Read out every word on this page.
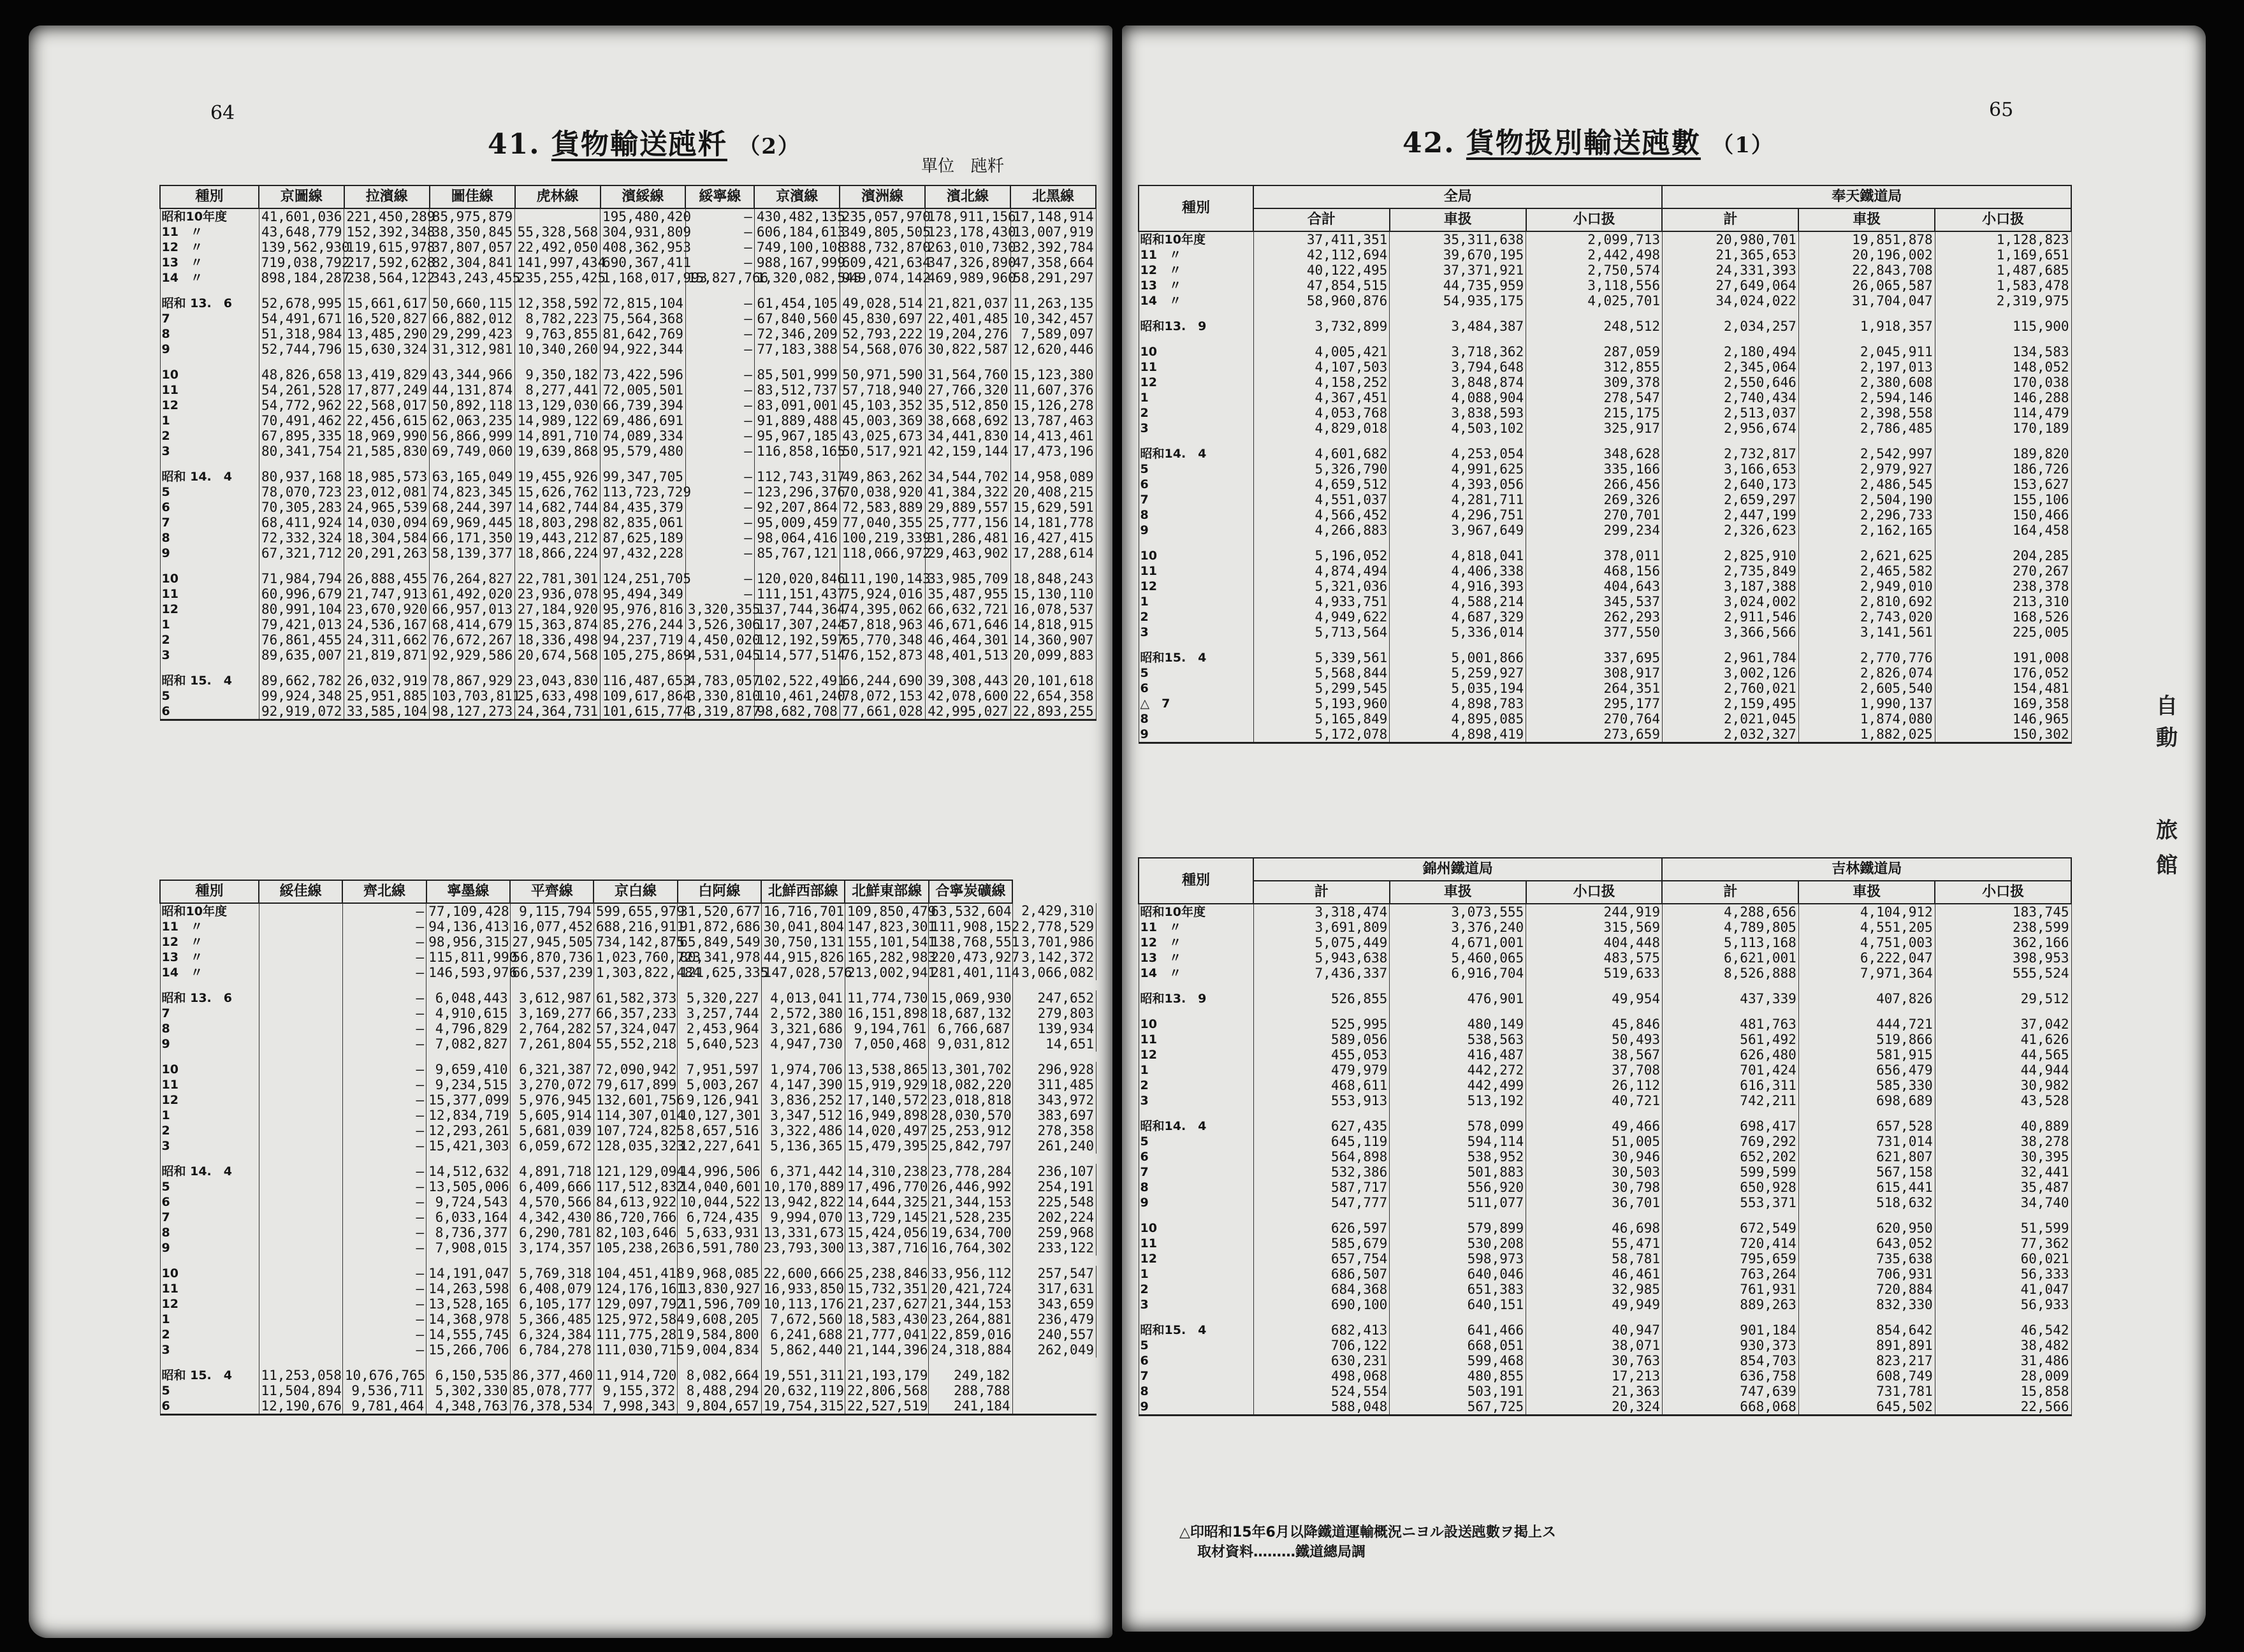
64
41. 貨物輸送瓲粁 （2）
單位　瓲粁
種別	京圖線	拉濱線	圖佳線	虎林線	濱綏線	綏寧線	京濱線	濱洲線	濱北線	北黑線
昭和10年度	41,601,036	221,450,289	85,975,879		195,480,420	—	430,482,135	235,057,970	178,911,156	17,148,914
11　〃	43,648,779	152,392,348	38,350,845	55,328,568	304,931,809	—	606,184,613	349,805,505	123,178,430	13,007,919
12　〃	139,562,930	119,615,978	37,807,057	22,492,050	408,362,953	—	749,100,108	388,732,870	263,010,730	32,392,784
13　〃	719,038,792	217,592,628	82,304,841	141,997,434	690,367,411	—	988,167,999	609,421,634	347,326,890	47,358,664
14　〃	898,184,287	238,564,122	343,243,455	235,255,425	1,168,017,993	15,827,766	1,320,082,545	949,074,142	469,989,960	58,291,297

昭和 13.　6	52,678,995	15,661,617	50,660,115	12,358,592	72,815,104	—	61,454,105	49,028,514	21,821,037	11,263,135
7	54,491,671	16,520,827	66,882,012	8,782,223	75,564,368	—	67,840,560	45,830,697	22,401,485	10,342,457
8	51,318,984	13,485,290	29,299,423	9,763,855	81,642,769	—	72,346,209	52,793,222	19,204,276	7,589,097
9	52,744,796	15,630,324	31,312,981	10,340,260	94,922,344	—	77,183,388	54,568,076	30,822,587	12,620,446

10	48,826,658	13,419,829	43,344,966	9,350,182	73,422,596	—	85,501,999	50,971,590	31,564,760	15,123,380
11	54,261,528	17,877,249	44,131,874	8,277,441	72,005,501	—	83,512,737	57,718,940	27,766,320	11,607,376
12	54,772,962	22,568,017	50,892,118	13,129,030	66,739,394	—	83,091,001	45,103,352	35,512,850	15,126,278
1	70,491,462	22,456,615	62,063,235	14,989,122	69,486,691	—	91,889,488	45,003,369	38,668,692	13,787,463
2	67,895,335	18,969,990	56,866,999	14,891,710	74,089,334	—	95,967,185	43,025,673	34,441,830	14,413,461
3	80,341,754	21,585,830	69,749,060	19,639,868	95,579,480	—	116,858,165	50,517,921	42,159,144	17,473,196

昭和 14.　4	80,937,168	18,985,573	63,165,049	19,455,926	99,347,705	—	112,743,317	49,863,262	34,544,702	14,958,089
5	78,070,723	23,012,081	74,823,345	15,626,762	113,723,729	—	123,296,376	70,038,920	41,384,322	20,408,215
6	70,305,283	24,965,539	68,244,397	14,682,744	84,435,379	—	92,207,864	72,583,889	29,889,557	15,629,591
7	68,411,924	14,030,094	69,969,445	18,803,298	82,835,061	—	95,009,459	77,040,355	25,777,156	14,181,778
8	72,332,324	18,304,584	66,171,350	19,443,212	87,625,189	—	98,064,416	100,219,339	31,286,481	16,427,415
9	67,321,712	20,291,263	58,139,377	18,866,224	97,432,228	—	85,767,121	118,066,972	29,463,902	17,288,614

10	71,984,794	26,888,455	76,264,827	22,781,301	124,251,705	—	120,020,846	111,190,143	33,985,709	18,848,243
11	60,996,679	21,747,913	61,492,020	23,936,078	95,494,349	—	111,151,437	75,924,016	35,487,955	15,130,110
12	80,991,104	23,670,920	66,957,013	27,184,920	95,976,816	3,320,355	137,744,364	74,395,062	66,632,721	16,078,537
1	79,421,013	24,536,167	68,414,679	15,363,874	85,276,244	3,526,306	117,307,244	57,818,963	46,671,646	14,818,915
2	76,861,455	24,311,662	76,672,267	18,336,498	94,237,719	4,450,020	112,192,597	65,770,348	46,464,301	14,360,907
3	89,635,007	21,819,871	92,929,586	20,674,568	105,275,869	4,531,045	114,577,514	76,152,873	48,401,513	20,099,883

昭和 15.　4	89,662,782	26,032,919	78,867,929	23,043,830	116,487,653	4,783,057	102,522,491	66,244,690	39,308,443	20,101,618
5	99,924,348	25,951,885	103,703,811	25,633,498	109,617,864	3,330,810	110,461,240	78,072,153	42,078,600	22,654,358
6	92,919,072	33,585,104	98,127,273	24,364,731	101,615,774	3,319,877	98,682,708	77,661,028	42,995,027	22,893,255
種別	綏佳線	齊北線	寧墨線	平齊線	京白線	白阿線	北鮮西部線	北鮮東部線	合寧炭礦線	
昭和10年度		—	77,109,428	9,115,794	599,655,979	31,520,677	16,716,701	109,850,479	63,532,604	2,429,310
11　〃		—	94,136,413	16,077,452	688,216,911	91,872,686	30,041,804	147,823,301	111,908,152	2,778,529
12　〃		—	98,956,315	27,945,505	734,142,875	65,849,549	30,750,131	155,101,541	138,768,551	3,701,986
13　〃		—	115,811,990	56,870,736	1,023,760,723	80,341,978	44,915,826	165,282,983	220,473,927	3,142,372
14　〃		—	146,593,976	66,537,239	1,303,822,484	121,625,335	147,028,576	213,002,941	281,401,114	3,066,082

昭和 13.　6		—	6,048,443	3,612,987	61,582,373	5,320,227	4,013,041	11,774,730	15,069,930	247,652
7		—	4,910,615	3,169,277	66,357,233	3,257,744	2,572,380	16,151,898	18,687,132	279,803
8		—	4,796,829	2,764,282	57,324,047	2,453,964	3,321,686	9,194,761	6,766,687	139,934
9		—	7,082,827	7,261,804	55,552,218	5,640,523	4,947,730	7,050,468	9,031,812	14,651

10		—	9,659,410	6,321,387	72,090,942	7,951,597	1,974,706	13,538,865	13,301,702	296,928
11		—	9,234,515	3,270,072	79,617,899	5,003,267	4,147,390	15,919,929	18,082,220	311,485
12		—	15,377,099	5,976,945	132,601,756	9,126,941	3,836,252	17,140,572	23,018,818	343,972
1		—	12,834,719	5,605,914	114,307,014	10,127,301	3,347,512	16,949,898	28,030,570	383,697
2		—	12,293,261	5,681,039	107,724,825	8,657,516	3,322,486	14,020,497	25,253,912	278,358
3		—	15,421,303	6,059,672	128,035,323	12,227,641	5,136,365	15,479,395	25,842,797	261,240

昭和 14.　4		—	14,512,632	4,891,718	121,129,094	14,996,506	6,371,442	14,310,238	23,778,284	236,107
5		—	13,505,006	6,409,666	117,512,832	14,040,601	10,170,889	17,496,770	26,446,992	254,191
6		—	9,724,543	4,570,566	84,613,922	10,044,522	13,942,822	14,644,325	21,344,153	225,548
7		—	6,033,164	4,342,430	86,720,766	6,724,435	9,994,070	13,729,145	21,528,235	202,224
8		—	8,736,377	6,290,781	82,103,646	5,633,931	13,331,673	15,424,056	19,634,700	259,968
9		—	7,908,015	3,174,357	105,238,263	6,591,780	23,793,300	13,387,716	16,764,302	233,122

10		—	14,191,047	5,769,318	104,451,418	9,968,085	22,600,666	25,238,846	33,956,112	257,547
11		—	14,263,598	6,408,079	124,176,161	13,830,927	16,933,850	15,732,351	20,421,724	317,631
12		—	13,528,165	6,105,177	129,097,792	11,596,709	10,113,176	21,237,627	21,344,153	343,659
1		—	14,368,978	5,366,485	125,972,584	9,608,205	7,672,560	18,583,430	23,264,881	236,479
2		—	14,555,745	6,324,384	111,775,281	9,584,800	6,241,688	21,777,041	22,859,016	240,557
3		—	15,266,706	6,784,278	111,030,715	9,004,834	5,862,440	21,144,396	24,318,884	262,049

昭和 15.　4	11,253,058	10,676,765	6,150,535	86,377,460	11,914,720	8,082,664	19,551,311	21,193,179	249,182	
5	11,504,894	9,536,711	5,302,330	85,078,777	9,155,372	8,488,294	20,632,119	22,806,568	288,788	
6	12,190,676	9,781,464	4,348,763	76,378,534	7,998,343	9,804,657	19,754,315	22,527,519	241,184	
65
42. 貨物扱別輸送瓲數 （1）
種別	全局			奉天鐵道局		
	合計	車扱	小口扱	計	車扱	小口扱
昭和10年度	37,411,351	35,311,638	2,099,713	20,980,701	19,851,878	1,128,823
11　〃	42,112,694	39,670,195	2,442,498	21,365,653	20,196,002	1,169,651
12　〃	40,122,495	37,371,921	2,750,574	24,331,393	22,843,708	1,487,685
13　〃	47,854,515	44,735,959	3,118,556	27,649,064	26,065,587	1,583,478
14　〃	58,960,876	54,935,175	4,025,701	34,024,022	31,704,047	2,319,975

昭和13.　9	3,732,899	3,484,387	248,512	2,034,257	1,918,357	115,900

10	4,005,421	3,718,362	287,059	2,180,494	2,045,911	134,583
11	4,107,503	3,794,648	312,855	2,345,064	2,197,013	148,052
12	4,158,252	3,848,874	309,378	2,550,646	2,380,608	170,038
1	4,367,451	4,088,904	278,547	2,740,434	2,594,146	146,288
2	4,053,768	3,838,593	215,175	2,513,037	2,398,558	114,479
3	4,829,018	4,503,102	325,917	2,956,674	2,786,485	170,189

昭和14.　4	4,601,682	4,253,054	348,628	2,732,817	2,542,997	189,820
5	5,326,790	4,991,625	335,166	3,166,653	2,979,927	186,726
6	4,659,512	4,393,056	266,456	2,640,173	2,486,545	153,627
7	4,551,037	4,281,711	269,326	2,659,297	2,504,190	155,106
8	4,566,452	4,296,751	270,701	2,447,199	2,296,733	150,466
9	4,266,883	3,967,649	299,234	2,326,623	2,162,165	164,458

10	5,196,052	4,818,041	378,011	2,825,910	2,621,625	204,285
11	4,874,494	4,406,338	468,156	2,735,849	2,465,582	270,267
12	5,321,036	4,916,393	404,643	3,187,388	2,949,010	238,378
1	4,933,751	4,588,214	345,537	3,024,002	2,810,692	213,310
2	4,949,622	4,687,329	262,293	2,911,546	2,743,020	168,526
3	5,713,564	5,336,014	377,550	3,366,566	3,141,561	225,005

昭和15.　4	5,339,561	5,001,866	337,695	2,961,784	2,770,776	191,008
5	5,568,844	5,259,927	308,917	3,002,126	2,826,074	176,052
6	5,299,545	5,035,194	264,351	2,760,021	2,605,540	154,481
△　7	5,193,960	4,898,783	295,177	2,159,495	1,990,137	169,358
8	5,165,849	4,895,085	270,764	2,021,045	1,874,080	146,965
9	5,172,078	4,898,419	273,659	2,032,327	1,882,025	150,302
種別	錦州鐵道局			吉林鐵道局		
	計	車扱	小口扱	計	車扱	小口扱
昭和10年度	3,318,474	3,073,555	244,919	4,288,656	4,104,912	183,745
11　〃	3,691,809	3,376,240	315,569	4,789,805	4,551,205	238,599
12　〃	5,075,449	4,671,001	404,448	5,113,168	4,751,003	362,166
13　〃	5,943,638	5,460,065	483,575	6,621,001	6,222,047	398,953
14　〃	7,436,337	6,916,704	519,633	8,526,888	7,971,364	555,524

昭和13.　9	526,855	476,901	49,954	437,339	407,826	29,512

10	525,995	480,149	45,846	481,763	444,721	37,042
11	589,056	538,563	50,493	561,492	519,866	41,626
12	455,053	416,487	38,567	626,480	581,915	44,565
1	479,979	442,272	37,708	701,424	656,479	44,944
2	468,611	442,499	26,112	616,311	585,330	30,982
3	553,913	513,192	40,721	742,211	698,689	43,528

昭和14.　4	627,435	578,099	49,466	698,417	657,528	40,889
5	645,119	594,114	51,005	769,292	731,014	38,278
6	564,898	538,952	30,946	652,202	621,807	30,395
7	532,386	501,883	30,503	599,599	567,158	32,441
8	587,717	556,920	30,798	650,928	615,441	35,487
9	547,777	511,077	36,701	553,371	518,632	34,740

10	626,597	579,899	46,698	672,549	620,950	51,599
11	585,679	530,208	55,471	720,414	643,052	77,362
12	657,754	598,973	58,781	795,659	735,638	60,021
1	686,507	640,046	46,461	763,264	706,931	56,333
2	684,368	651,383	32,985	761,931	720,884	41,047
3	690,100	640,151	49,949	889,263	832,330	56,933

昭和15.　4	682,413	641,466	40,947	901,184	854,642	46,542
5	706,122	668,051	38,071	930,373	891,891	38,482
6	630,231	599,468	30,763	854,703	823,217	31,486
7	498,068	480,855	17,213	636,758	608,749	28,009
8	524,554	503,191	21,363	747,639	731,781	15,858
9	588,048	567,725	20,324	668,068	645,502	22,566
△印昭和15年6月以降鐵道運輸概況ニヨル設送瓲數ヲ掲上ス
取材資料………鐵道總局調
自
動
旅
館
